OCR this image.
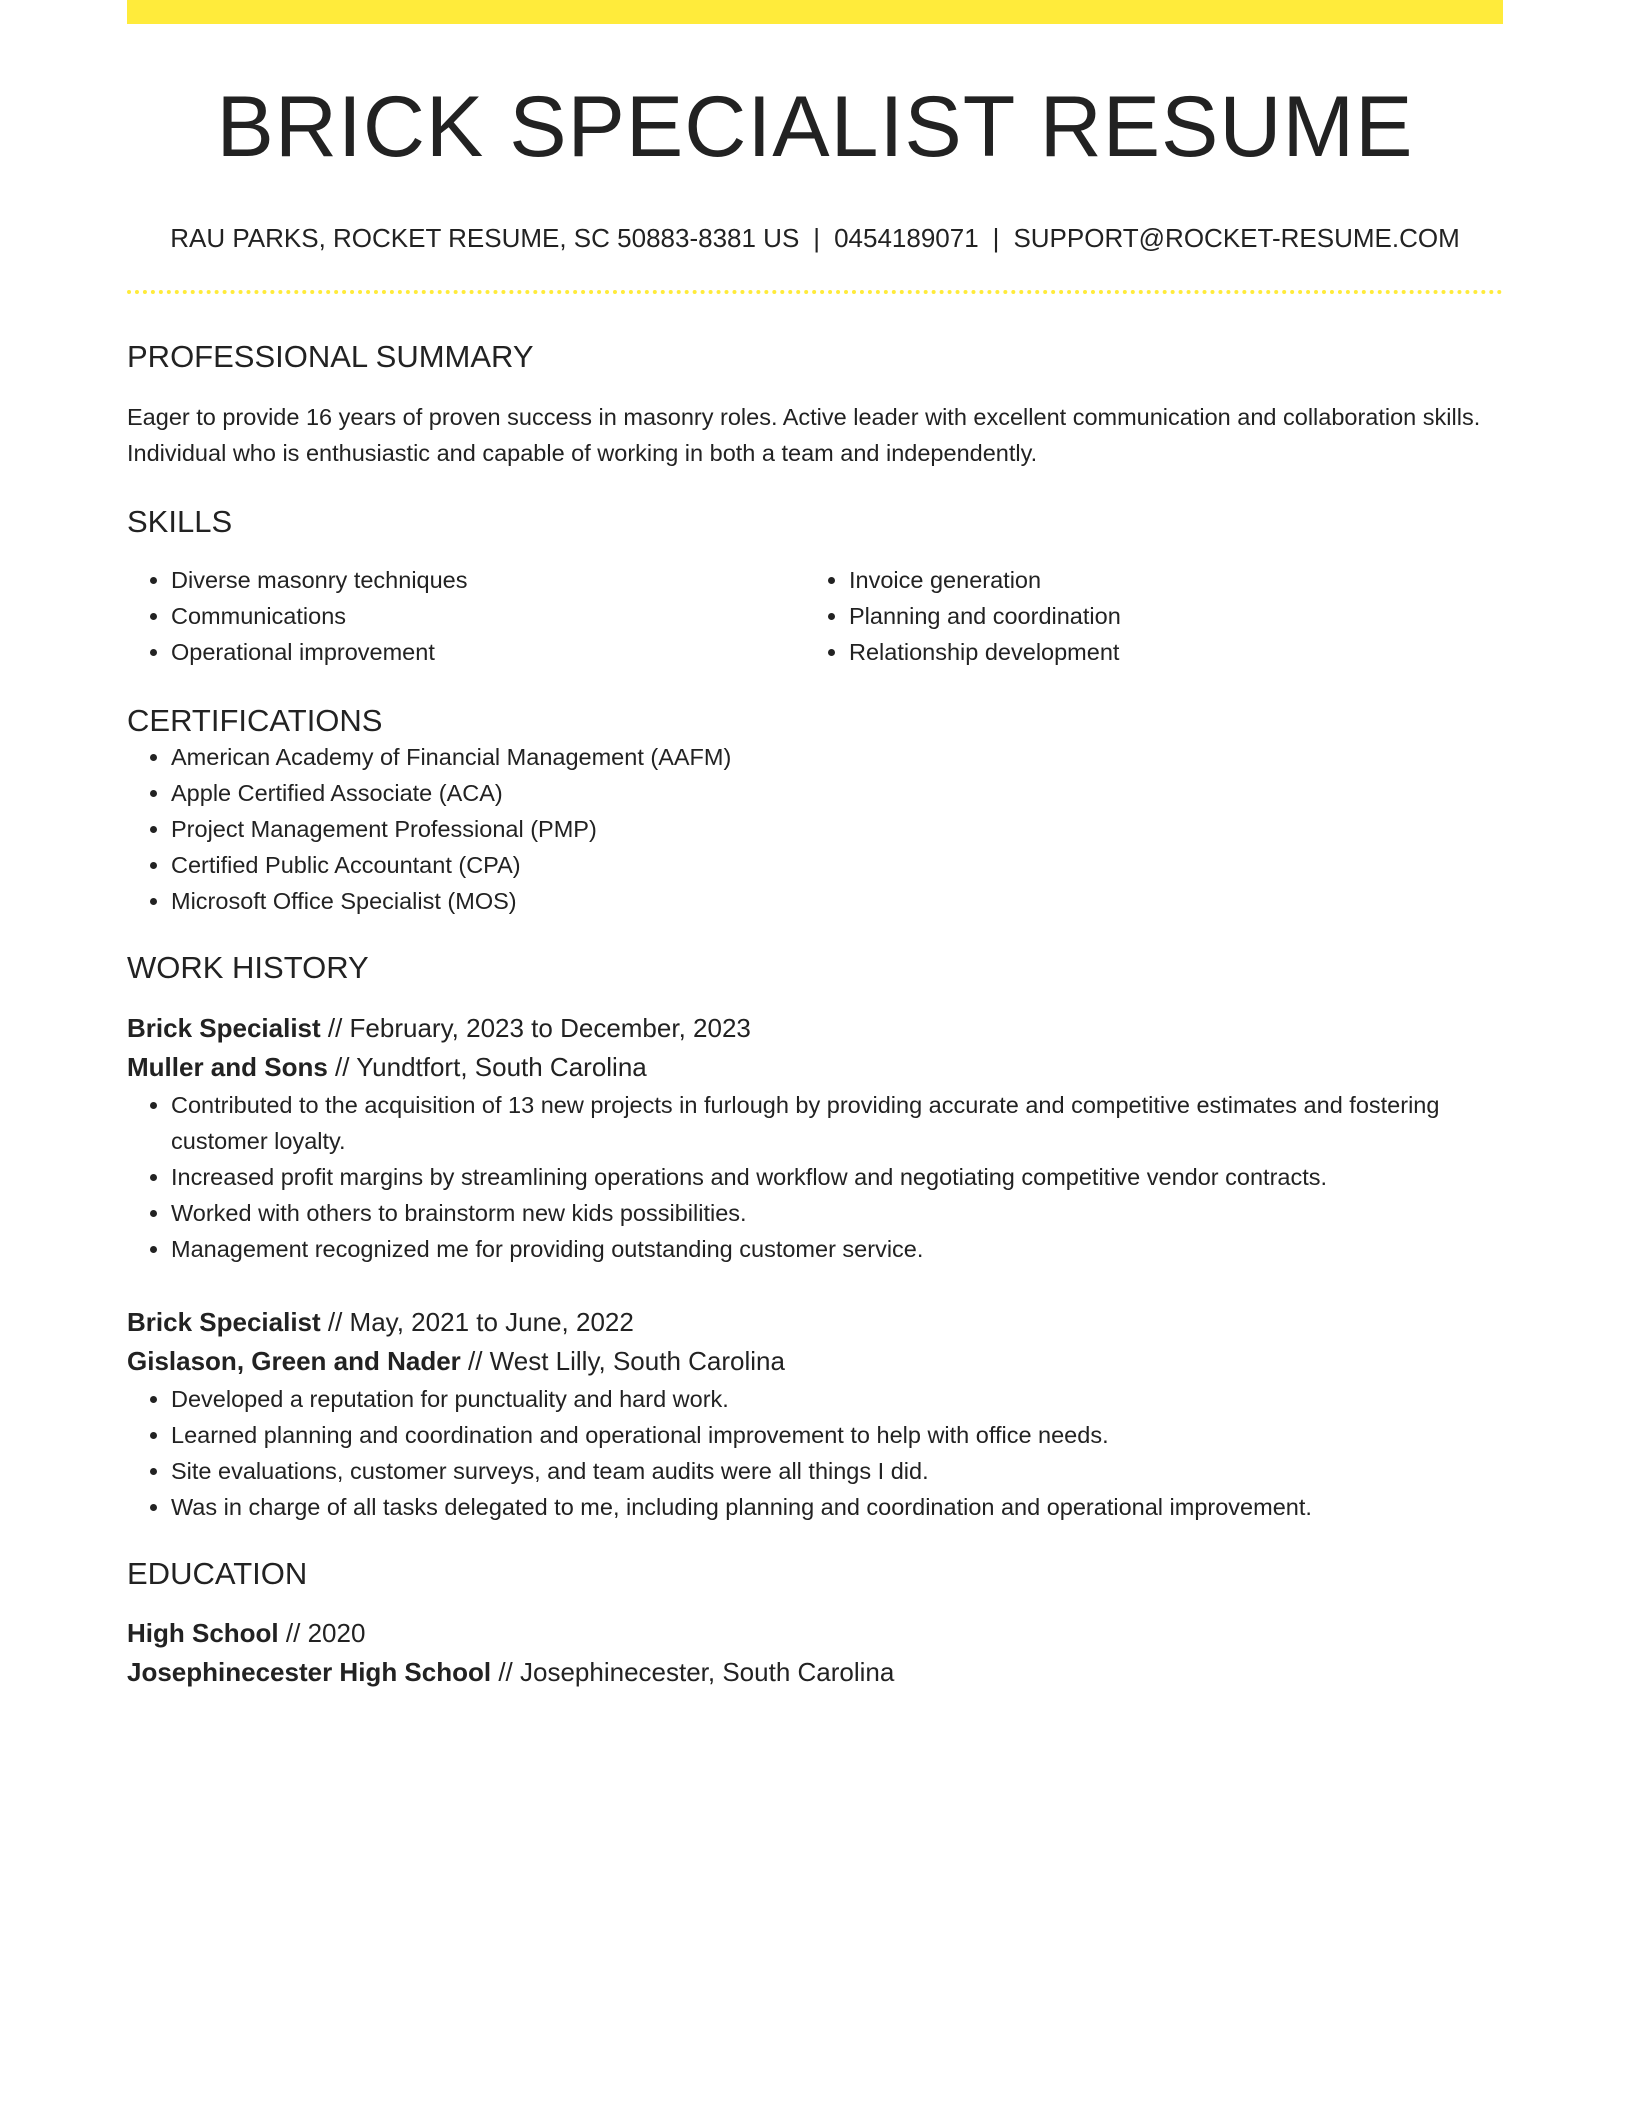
BRICK SPECIALIST RESUME
RAU PARKS, ROCKET RESUME, SC 50883-8381 US | 0454189071 | SUPPORT@ROCKET-RESUME.COM
PROFESSIONAL SUMMARY
Eager to provide 16 years of proven success in masonry roles. Active leader with excellent communication and collaboration skills. Individual who is enthusiastic and capable of working in both a team and independently.
SKILLS
• Diverse masonry techniques
• Communications
• Operational improvement
• Invoice generation
• Planning and coordination
• Relationship development
CERTIFICATIONS
• American Academy of Financial Management (AAFM)
• Apple Certified Associate (ACA)
• Project Management Professional (PMP)
• Certified Public Accountant (CPA)
• Microsoft Office Specialist (MOS)
WORK HISTORY
Brick Specialist // February, 2023 to December, 2023
Muller and Sons // Yundtfort, South Carolina
• Contributed to the acquisition of 13 new projects in furlough by providing accurate and competitive estimates and fostering customer loyalty.
• Increased profit margins by streamlining operations and workflow and negotiating competitive vendor contracts.
• Worked with others to brainstorm new kids possibilities.
• Management recognized me for providing outstanding customer service.
Brick Specialist // May, 2021 to June, 2022
Gislason, Green and Nader // West Lilly, South Carolina
• Developed a reputation for punctuality and hard work.
• Learned planning and coordination and operational improvement to help with office needs.
• Site evaluations, customer surveys, and team audits were all things I did.
• Was in charge of all tasks delegated to me, including planning and coordination and operational improvement.
EDUCATION
High School // 2020
Josephinecester High School // Josephinecester, South Carolina
